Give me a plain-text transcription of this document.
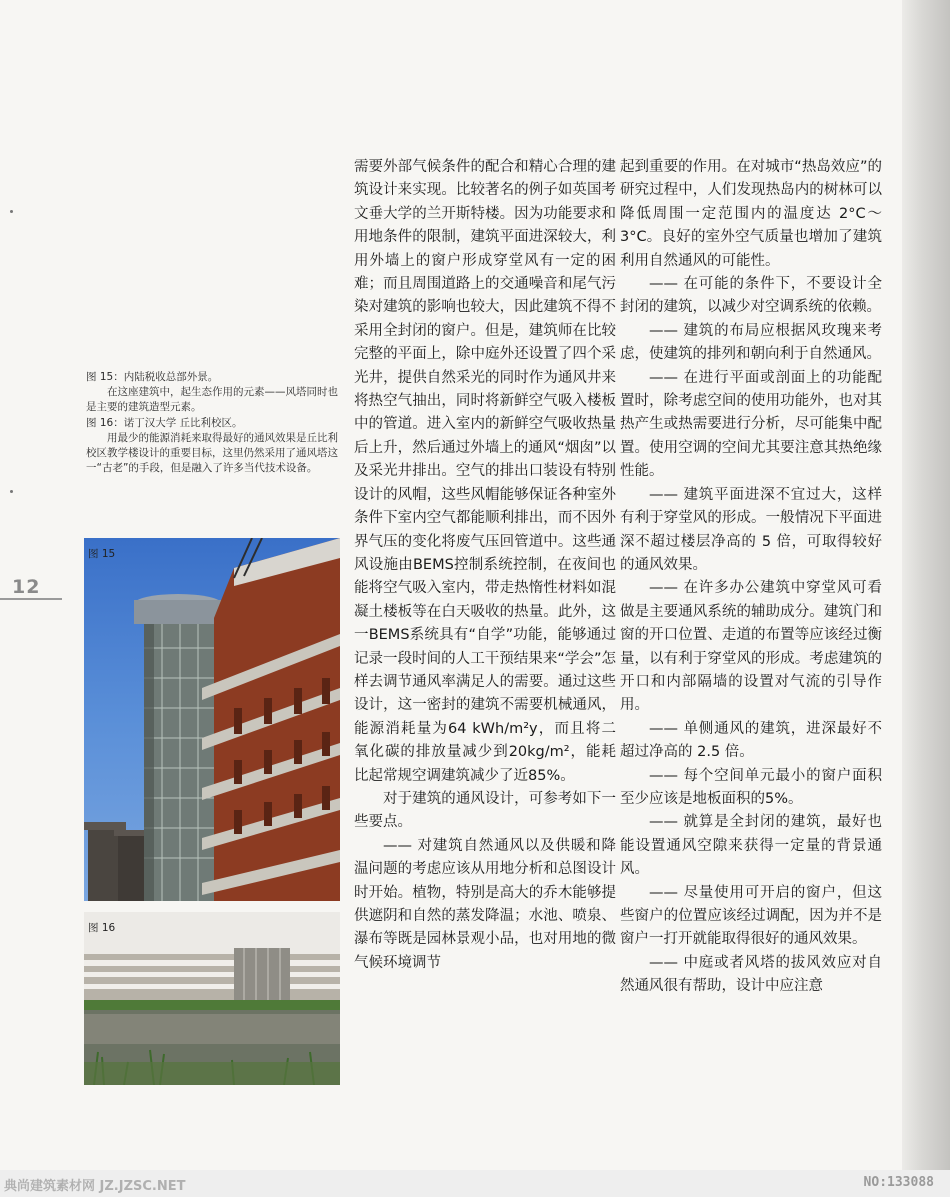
图 15：内陆税收总部外景。

在这座建筑中，起生态作用的元素——风塔同时也是主要的建筑造型元素。

图 16：诺丁汉大学 丘比利校区。

用最少的能源消耗来取得最好的通风效果是丘比利校区教学楼设计的重要目标，这里仍然采用了通风塔这一“古老”的手段，但是融入了许多当代技术设备。

12
图 15
图 16

需要外部气候条件的配合和精心合理的建筑设计来实现。比较著名的例子如英国考文垂大学的兰开斯特楼。因为功能要求和用地条件的限制，建筑平面进深较大，利用外墙上的窗户形成穿堂风有一定的困难；而且周围道路上的交通噪音和尾气污染对建筑的影响也较大，因此建筑不得不采用全封闭的窗户。但是，建筑师在比较完整的平面上，除中庭外还设置了四个采光井，提供自然采光的同时作为通风井来将热空气抽出，同时将新鲜空气吸入楼板中的管道。进入室内的新鲜空气吸收热量后上升，然后通过外墙上的通风“烟囱”以及采光井排出。空气的排出口装设有特别设计的风帽，这些风帽能够保证各种室外条件下室内空气都能顺利排出，而不因外界气压的变化将废气压回管道中。这些通风设施由BEMS控制系统控制，在夜间也能将空气吸入室内，带走热惰性材料如混凝土楼板等在白天吸收的热量。此外，这一BEMS系统具有“自学”功能，能够通过记录一段时间的人工干预结果来“学会”怎样去调节通风率满足人的需要。通过这些设计，这一密封的建筑不需要机械通风，能源消耗量为64 kWh/m²y，而且将二氧化碳的排放量减少到20kg/m²，能耗比起常规空调建筑减少了近85%。

对于建筑的通风设计，可参考如下一些要点。

—— 对建筑自然通风以及供暖和降温问题的考虑应该从用地分析和总图设计时开始。植物，特别是高大的乔木能够提供遮阴和自然的蒸发降温；水池、喷泉、瀑布等既是园林景观小品，也对用地的微气候环境调节

起到重要的作用。在对城市“热岛效应”的研究过程中，人们发现热岛内的树林可以降低周围一定范围内的温度达 2°C～3°C。良好的室外空气质量也增加了建筑利用自然通风的可能性。

—— 在可能的条件下，不要设计全封闭的建筑，以减少对空调系统的依赖。

—— 建筑的布局应根据风玫瑰来考虑，使建筑的排列和朝向利于自然通风。

—— 在进行平面或剖面上的功能配置时，除考虑空间的使用功能外，也对其热产生或热需要进行分析，尽可能集中配置。使用空调的空间尤其要注意其热绝缘性能。

—— 建筑平面进深不宜过大，这样有利于穿堂风的形成。一般情况下平面进深不超过楼层净高的 5 倍，可取得较好的通风效果。

—— 在许多办公建筑中穿堂风可看做是主要通风系统的辅助成分。建筑门和窗的开口位置、走道的布置等应该经过衡量，以有利于穿堂风的形成。考虑建筑的开口和内部隔墙的设置对气流的引导作用。

—— 单侧通风的建筑，进深最好不超过净高的 2.5 倍。

—— 每个空间单元最小的窗户面积至少应该是地板面积的5%。

—— 就算是全封闭的建筑，最好也能设置通风空隙来获得一定量的背景通风。

—— 尽量使用可开启的窗户，但这些窗户的位置应该经过调配，因为并不是窗户一打开就能取得很好的通风效果。

—— 中庭或者风塔的拔风效应对自然通风很有帮助，设计中应注意

典尚建筑素材网 JZ.JZSC.NET	NO:133088
